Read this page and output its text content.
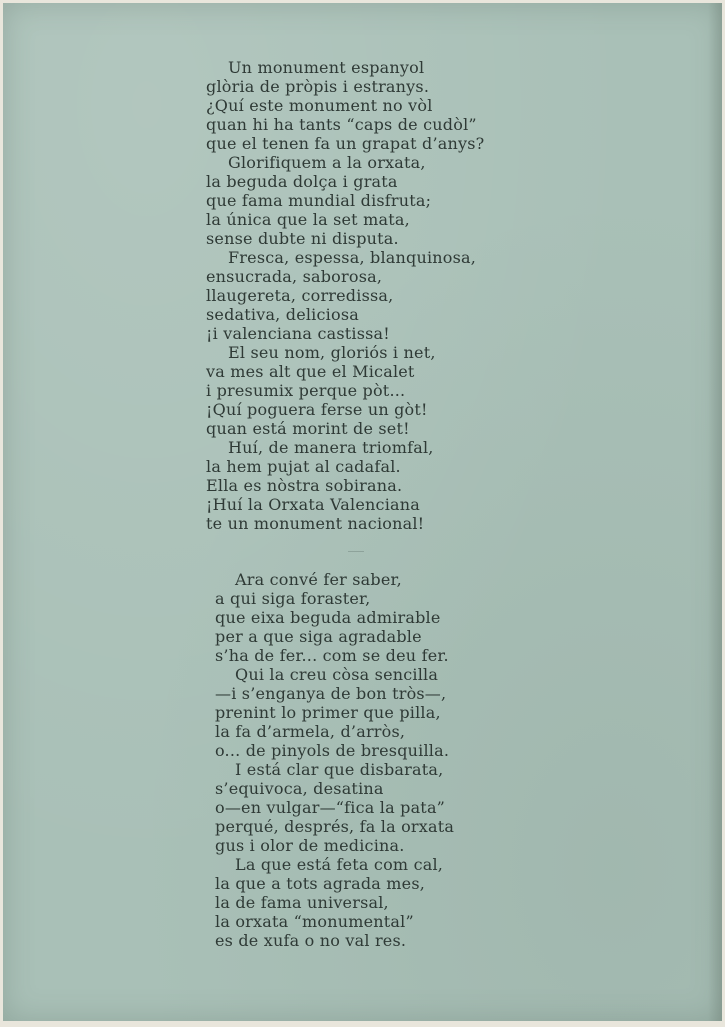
Un monument espanyol
glòria de pròpis i estranys.
¿Quí este monument no vòl
quan hi ha tants “caps de cudòl”
que el tenen fa un grapat d’anys?
Glorifiquem a la orxata,
la beguda dolça i grata
que fama mundial disfruta;
la única que la set mata,
sense dubte ni disputa.
Fresca, espessa, blanquinosa,
ensucrada, saborosa,
llaugereta, corredissa,
sedativa, deliciosa
¡i valenciana castissa!
El seu nom, gloriós i net,
va mes alt que el Micalet
i presumix perque pòt...
¡Quí poguera ferse un gòt!
quan está morint de set!
Huí, de manera triomfal,
la hem pujat al cadafal.
Ella es nòstra sobirana.
¡Huí la Orxata Valenciana
te un monument nacional!
Ara convé fer saber,
a qui siga foraster,
que eixa beguda admirable
per a que siga agradable
s’ha de fer... com se deu fer.
Qui la creu còsa sencilla
—i s’enganya de bon tròs—,
prenint lo primer que pilla,
la fa d’armela, d’arròs,
o... de pinyols de bresquilla.
I está clar que disbarata,
s’equivoca, desatina
o—en vulgar—“fica la pata”
perqué, després, fa la orxata
gus i olor de medicina.
La que está feta com cal,
la que a tots agrada mes,
la de fama universal,
la orxata “monumental”
es de xufa o no val res.
